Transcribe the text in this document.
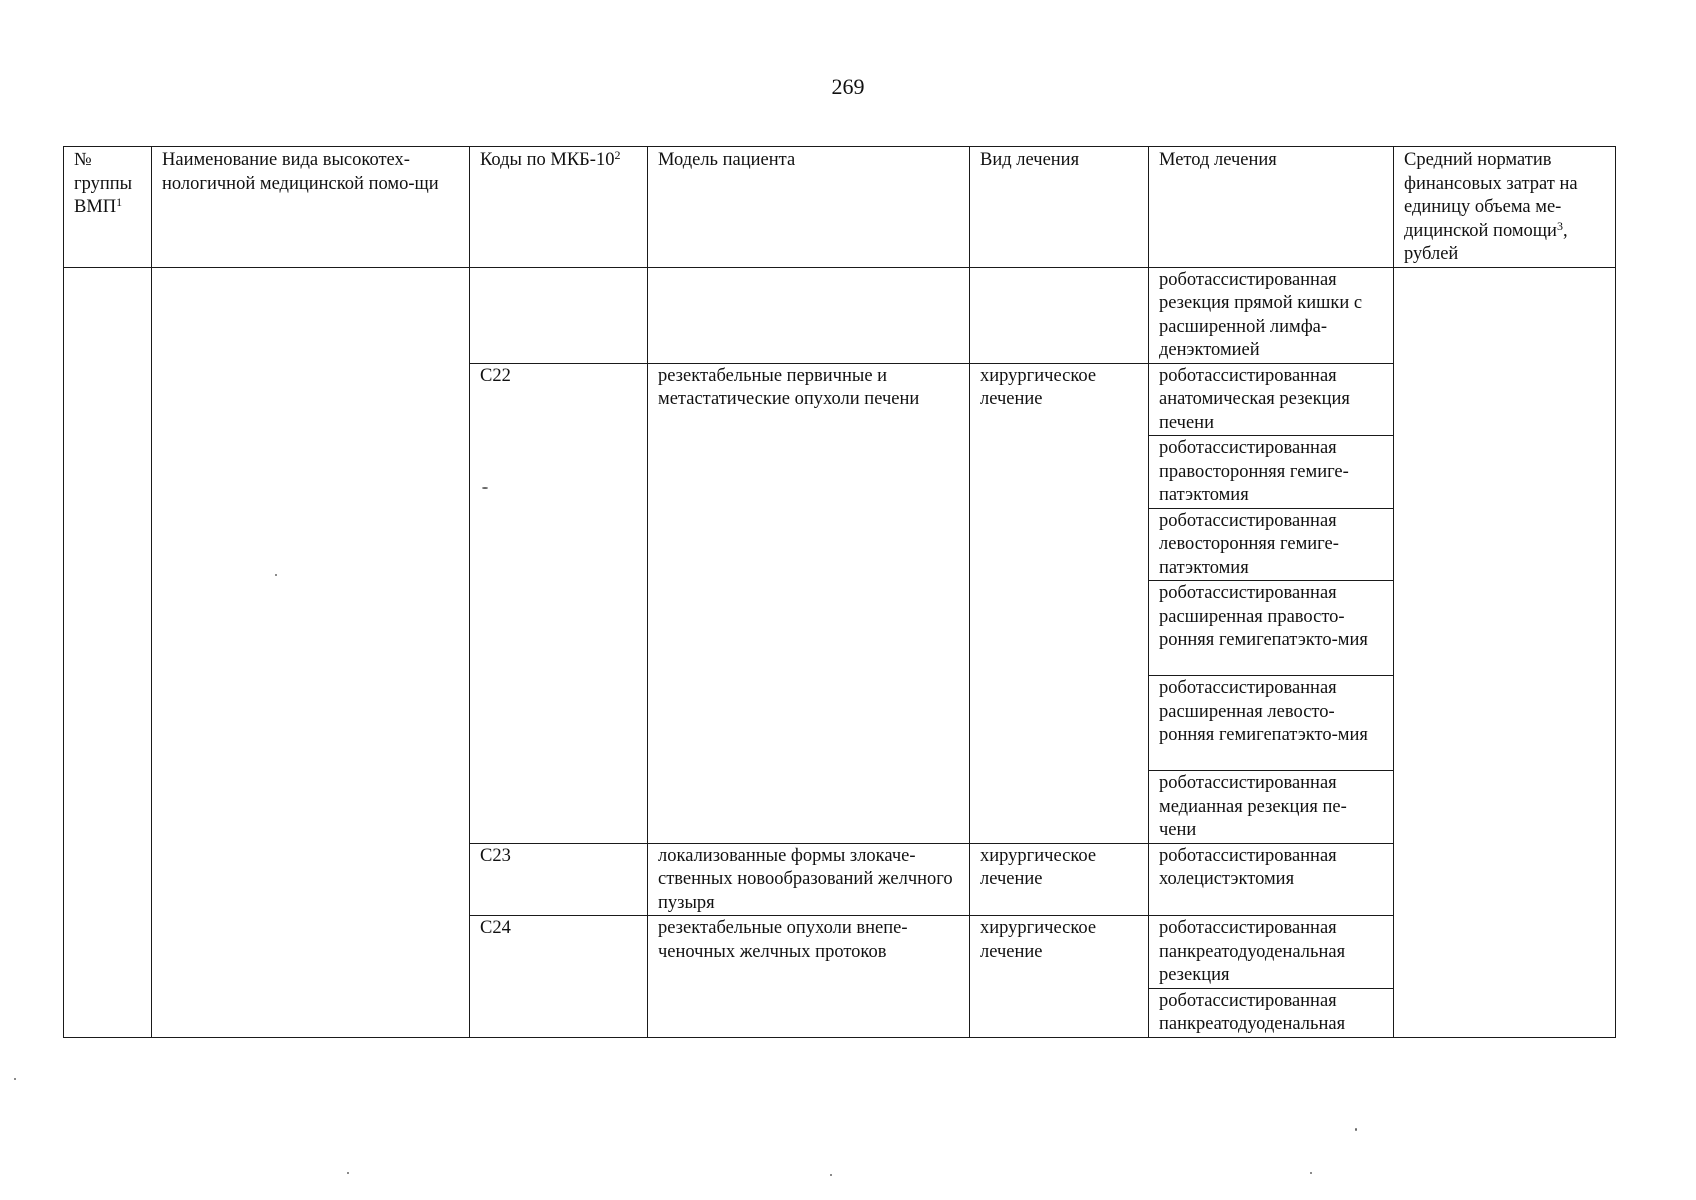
269
№ группы ВМП$^1$	Наименование вида высокотех-нологичной медицинской помо-щи	Коды по МКБ-$10^2$	Модель пациента	Вид лечения	Метод лечения	Средний норматив финансовых затрат на единицу объема ме-дицинской помощи$^3$, рублей
					роботассистированная резекция прямой кишки с расширенной лимфа-денэктомией	
		C22	резектабельные первичные и метастатические опухоли печени	хирургическое лечение	роботассистированная анатомическая резекция печени	
					роботассистированная правосторонняя гемиге-патэктомия	
					роботассистированная левосторонняя гемиге-патэктомия	
					роботассистированная расширенная правосто-ронняя гемигепатэкто-мия	
					роботассистированная расширенная левосто-ронняя гемигепатэкто-мия	
					роботассистированная медианная резекция пе-чени	
		C23	локализованные формы злокаче-ственных новообразований желчного пузыря	хирургическое лечение	роботассистированная холецистэктомия	
		C24	резектабельные опухоли внепе-ченочных желчных протоков	хирургическое лечение	роботассистированная панкреатодуоденальная резекция	
					роботассистированная панкреатодуоденальная	
